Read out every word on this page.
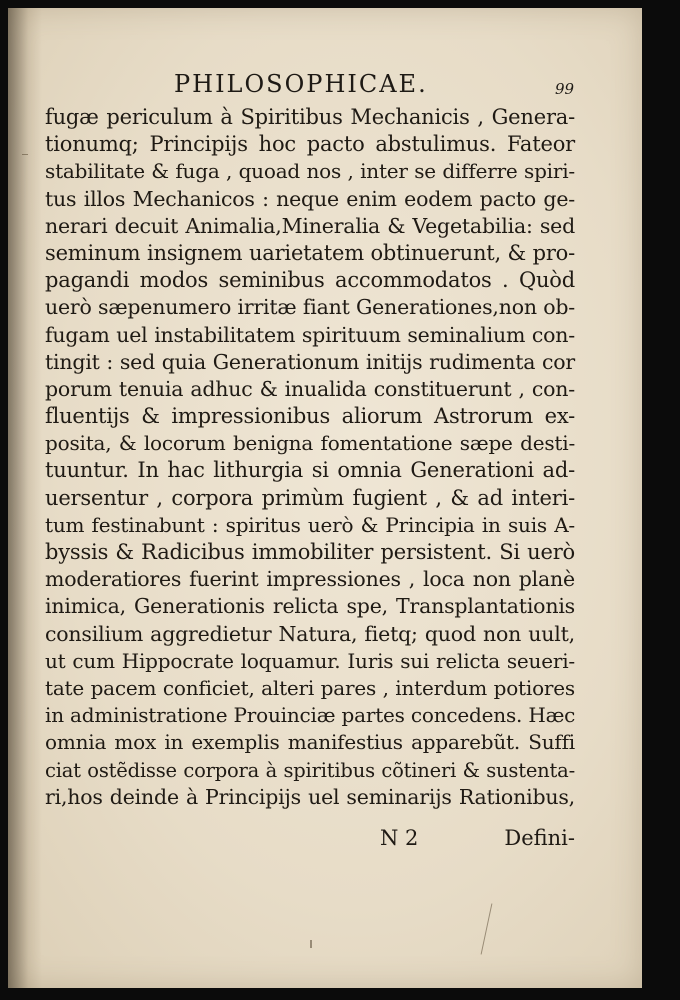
PHILOSOPHICAE.	99
fugæ periculum à Spiritibus Mechanicis , Genera-
tionumq; Principijs hoc pacto abstulimus. Fateor
stabilitate & fuga , quoad nos , inter se differre spiri-
tus illos Mechanicos : neque enim eodem pacto ge-
nerari decuit Animalia,Mineralia & Vegetabilia: sed
seminum insignem uarietatem obtinuerunt, & pro-
pagandi modos seminibus accommodatos . Quòd
uerò sæpenumero irritæ fiant Generationes,non ob-
fugam uel instabilitatem spirituum seminalium con-
tingit : sed quia Generationum initijs rudimenta cor
porum tenuia adhuc & inualida constituerunt , con-
fluentijs & impressionibus aliorum Astrorum ex-
posita, & locorum benigna fomentatione sæpe desti-
tuuntur. In hac lithurgia si omnia Generationi ad-
uersentur , corpora primùm fugient , & ad interi-
tum festinabunt : spiritus uerò & Principia in suis A-
byssis & Radicibus immobiliter persistent. Si uerò
moderatiores fuerint impressiones , loca non planè
inimica, Generationis relicta spe, Transplantationis
consilium aggredietur Natura, fietq; quod non uult,
ut cum Hippocrate loquamur. Iuris sui relicta seueri-
tate pacem conficiet, alteri pares , interdum potiores
in administratione Prouinciæ partes concedens. Hæc
omnia mox in exemplis manifestius apparebũt. Suffi
ciat ostẽdisse corpora à spiritibus cõtineri & sustenta-
ri,hos deinde à Principijs uel seminarijs Rationibus,
N 2	Defini-
